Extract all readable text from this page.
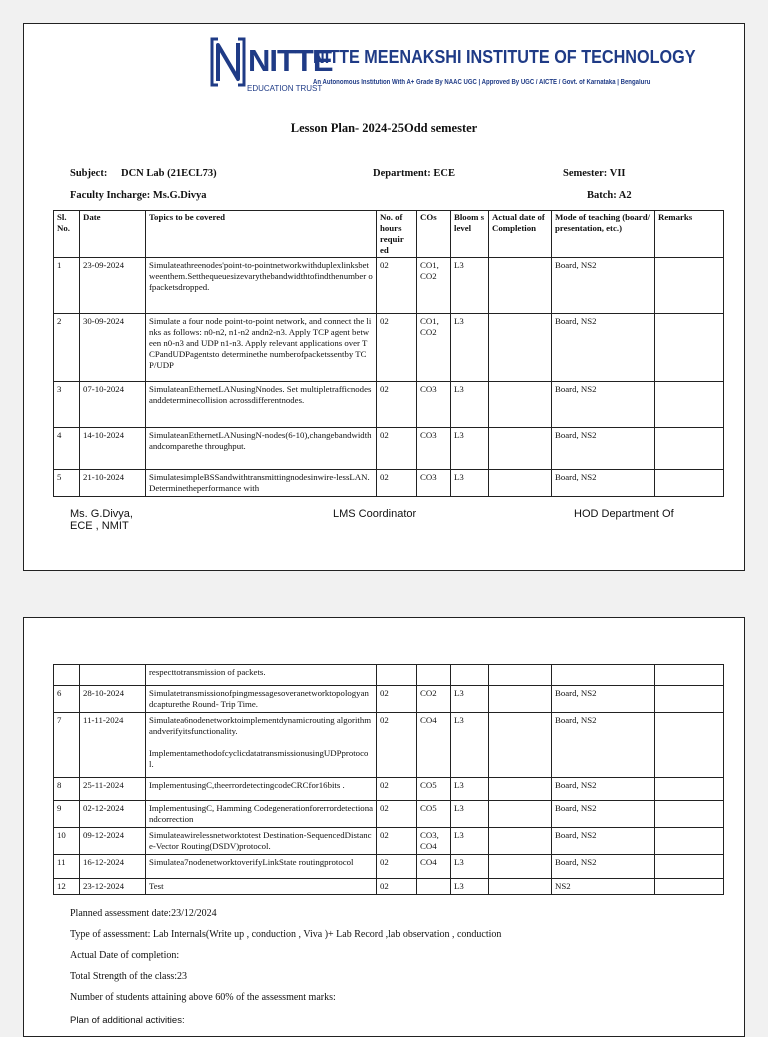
NITTE
EDUCATION TRUST
NITTE MEENAKSHI INSTITUTE OF TECHNOLOGY
An Autonomous Institution With A+ Grade By NAAC UGC | Approved By UGC / AICTE / Govt. of Karnataka | Bengaluru
Lesson Plan- 2024-25Odd semester
Subject: DCN Lab (21ECL73)	Department: ECE	Semester: VII
Faculty Incharge: Ms.G.Divya	Batch: A2
Sl. No.	Date	Topics to be covered	No. of hours requir ed	COs	Bloom s level	Actual date of Completion	Mode of teaching (board/ presentation, etc.)	Remarks
1	23-09-2024	Simulateathreenodes'point-to-pointnetworkwithduplexlinksbetweenthem.Setthequeuesizevarythebandwidthtofindthenumber ofpacketsdropped.	02	CO1, CO2	L3		Board, NS2	
2	30-09-2024	Simulate a four node point-to-point network, and connect the links as follows: n0-n2, n1-n2 andn2-n3. Apply TCP agent between n0-n3 and UDP n1-n3. Apply relevant applications over TCPandUDPagentsto determinethe numberofpacketssentby TCP/UDP	02	CO1, CO2	L3		Board, NS2	
3	07-10-2024	SimulateanEthernetLANusingNnodes. Set multipletrafficnodesanddeterminecollision acrossdifferentnodes.	02	CO3	L3		Board, NS2	
4	14-10-2024	SimulateanEthernetLANusingN-nodes(6-10),changebandwidthandcomparethe throughput.	02	CO3	L3		Board, NS2	
5	21-10-2024	SimulatesimpleBSSandwithtransmittingnodesinwire-lessLAN.Determinetheperformance with	02	CO3	L3		Board, NS2	
Ms. G.Divya,
ECE , NMIT
LMS Coordinator	HOD Department Of
		respecttotransmission of packets.						
6	28-10-2024	Simulatetransmissionofpingmessagesoveranetworktopologyandcapturethe Round- Trip Time.	02	CO2	L3		Board, NS2	
7	11-11-2024	Simulatea6nodenetworktoimplementdynamicrouting algorithmandverifyitsfunctionality.

ImplementamethodofcyclicdatatransmissionusingUDPprotocol.	02	CO4	L3		Board, NS2	
8	25-11-2024	ImplementusingC,theerrordetectingcodeCRCfor16bits .	02	CO5	L3		Board, NS2	
9	02-12-2024	ImplementusingC, Hamming Codegenerationforerrordetectionandcorrection	02	CO5	L3		Board, NS2	
10	09-12-2024	Simulateawirelessnetworktotest Destination-SequencedDistance-Vector Routing(DSDV)protocol.	02	CO3, CO4	L3		Board, NS2	
11	16-12-2024	Simulatea7nodenetworktoverifyLinkState routingprotocol	02	CO4	L3		Board, NS2	
12	23-12-2024	Test	02		L3		NS2	
Planned assessment date:23/12/2024
Type of assessment: Lab Internals(Write up , conduction , Viva )+ Lab Record ,lab observation , conduction
Actual Date of completion:
Total Strength of the class:23
Number of students attaining above 60% of the assessment marks:
Plan of additional activities:
